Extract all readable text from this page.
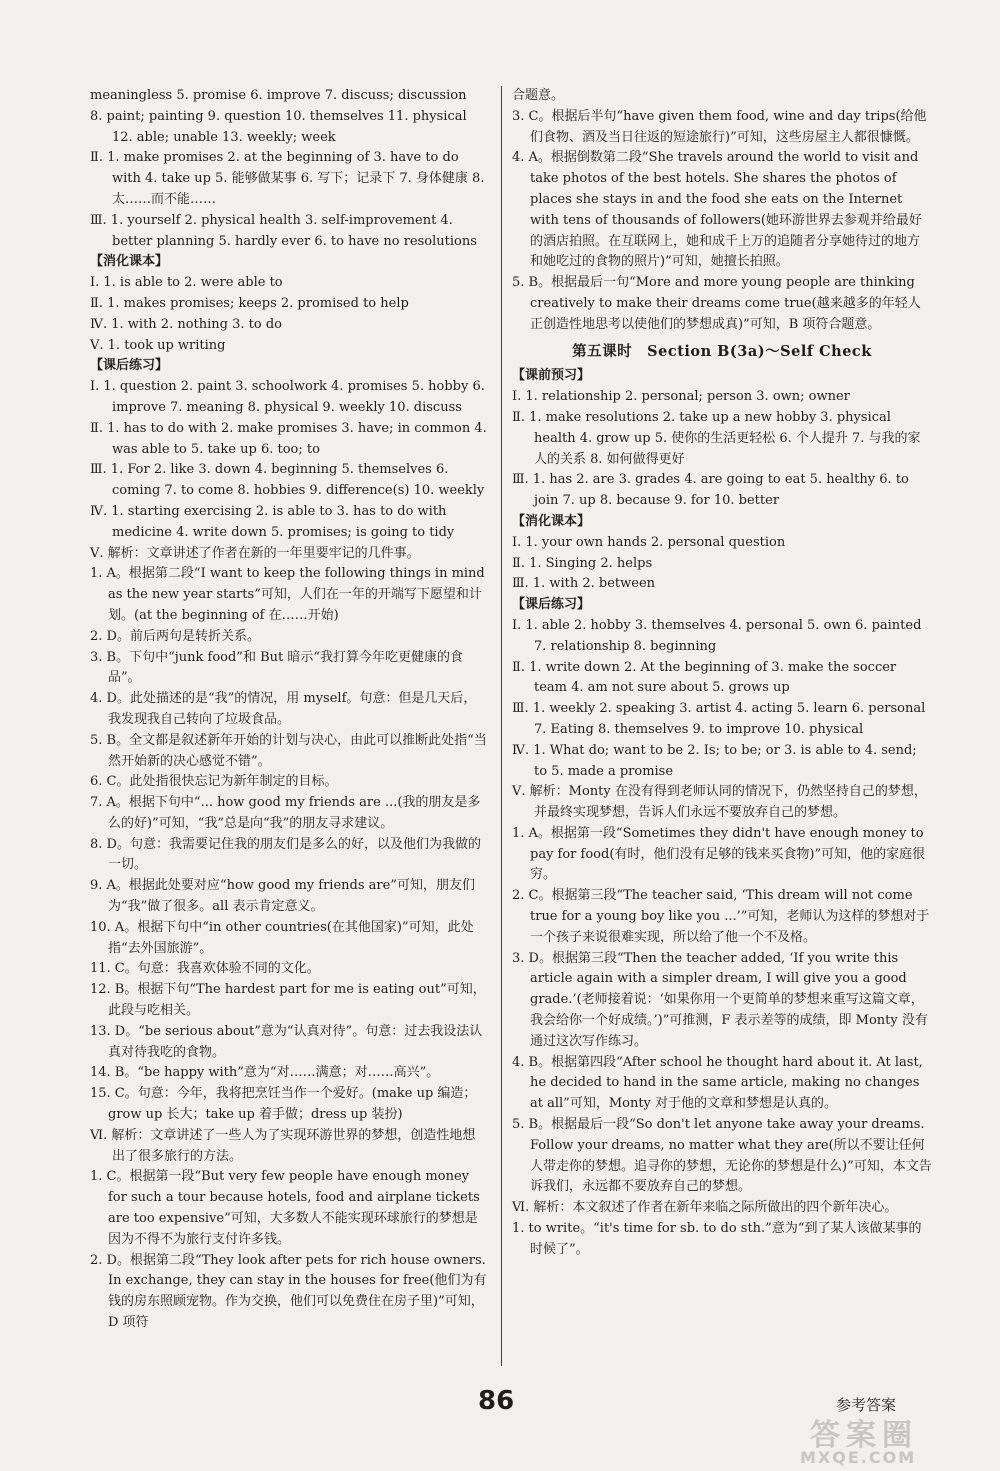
meaningless 5. promise 6. improve 7. discuss; discussion
8. paint; painting 9. question 10. themselves 11. physical 12. able; unable 13. weekly; week
Ⅱ. 1. make promises 2. at the beginning of 3. have to do with 4. take up 5. 能够做某事 6. 写下；记录下 7. 身体健康 8. 太……而不能……
Ⅲ. 1. yourself 2. physical health 3. self-improvement 4. better planning 5. hardly ever 6. to have no resolutions
【消化课本】
Ⅰ. 1. is able to 2. were able to
Ⅱ. 1. makes promises; keeps 2. promised to help
Ⅳ. 1. with 2. nothing 3. to do
Ⅴ. 1. took up writing
【课后练习】
Ⅰ. 1. question 2. paint 3. schoolwork 4. promises 5. hobby 6. improve 7. meaning 8. physical 9. weekly 10. discuss
Ⅱ. 1. has to do with 2. make promises 3. have; in common 4. was able to 5. take up 6. too; to
Ⅲ. 1. For 2. like 3. down 4. beginning 5. themselves 6. coming 7. to come 8. hobbies 9. difference(s) 10. weekly
Ⅳ. 1. starting exercising 2. is able to 3. has to do with medicine 4. write down 5. promises; is going to tidy
Ⅴ. 解析：文章讲述了作者在新的一年里要牢记的几件事。
1. A。根据第二段“I want to keep the following things in mind as the new year starts”可知，人们在一年的开端写下愿望和计划。(at the beginning of 在……开始)
2. D。前后两句是转折关系。
3. B。下句中“junk food”和 But 暗示“我打算今年吃更健康的食品”。
4. D。此处描述的是“我”的情况，用 myself。句意：但是几天后，我发现我自己转向了垃圾食品。
5. B。全文都是叙述新年开始的计划与决心，由此可以推断此处指“当然开始新的决心感觉不错”。
6. C。此处指很快忘记为新年制定的目标。
7. A。根据下句中“... how good my friends are ...(我的朋友是多么的好)”可知，“我”总是向“我”的朋友寻求建议。
8. D。句意：我需要记住我的朋友们是多么的好，以及他们为我做的一切。
9. A。根据此处要对应“how good my friends are”可知，朋友们为“我”做了很多。all 表示肯定意义。
10. A。根据下句中“in other countries(在其他国家)”可知，此处指“去外国旅游”。
11. C。句意：我喜欢体验不同的文化。
12. B。根据下句“The hardest part for me is eating out”可知，此段与吃相关。
13. D。“be serious about”意为“认真对待”。句意：过去我设法认真对待我吃的食物。
14. B。“be happy with”意为“对……满意；对……高兴”。
15. C。句意：今年，我将把烹饪当作一个爱好。(make up 编造；grow up 长大；take up 着手做；dress up 装扮)
Ⅵ. 解析：文章讲述了一些人为了实现环游世界的梦想，创造性地想出了很多旅行的方法。
1. C。根据第一段“But very few people have enough money for such a tour because hotels, food and airplane tickets are too expensive”可知，大多数人不能实现环球旅行的梦想是因为不得不为旅行支付许多钱。
2. D。根据第二段“They look after pets for rich house owners. In exchange, they can stay in the houses for free(他们为有钱的房东照顾宠物。作为交换，他们可以免费住在房子里)”可知，D 项符
合题意。
3. C。根据后半句“have given them food, wine and day trips(给他们食物、酒及当日往返的短途旅行)”可知，这些房屋主人都很慷慨。
4. A。根据倒数第二段“She travels around the world to visit and take photos of the best hotels. She shares the photos of places she stays in and the food she eats on the Internet with tens of thousands of followers(她环游世界去参观并给最好的酒店拍照。在互联网上，她和成千上万的追随者分享她待过的地方和她吃过的食物的照片)”可知，她擅长拍照。
5. B。根据最后一句“More and more young people are thinking creatively to make their dreams come true(越来越多的年轻人正创造性地思考以使他们的梦想成真)”可知，B 项符合题意。
第五课时　Section B(3a)～Self Check
【课前预习】
Ⅰ. 1. relationship 2. personal; person 3. own; owner
Ⅱ. 1. make resolutions 2. take up a new hobby 3. physical health 4. grow up 5. 使你的生活更轻松 6. 个人提升 7. 与我的家人的关系 8. 如何做得更好
Ⅲ. 1. has 2. are 3. grades 4. are going to eat 5. healthy 6. to join 7. up 8. because 9. for 10. better
【消化课本】
Ⅰ. 1. your own hands 2. personal question
Ⅱ. 1. Singing 2. helps
Ⅲ. 1. with 2. between
【课后练习】
Ⅰ. 1. able 2. hobby 3. themselves 4. personal 5. own 6. painted 7. relationship 8. beginning
Ⅱ. 1. write down 2. At the beginning of 3. make the soccer team 4. am not sure about 5. grows up
Ⅲ. 1. weekly 2. speaking 3. artist 4. acting 5. learn 6. personal 7. Eating 8. themselves 9. to improve 10. physical
Ⅳ. 1. What do; want to be 2. Is; to be; or 3. is able to 4. send; to 5. made a promise
Ⅴ. 解析：Monty 在没有得到老师认同的情况下，仍然坚持自己的梦想，并最终实现梦想，告诉人们永远不要放弃自己的梦想。
1. A。根据第一段“Sometimes they didn't have enough money to pay for food(有时，他们没有足够的钱来买食物)”可知，他的家庭很穷。
2. C。根据第三段“The teacher said, ‘This dream will not come true for a young boy like you ...’”可知，老师认为这样的梦想对于一个孩子来说很难实现，所以给了他一个不及格。
3. D。根据第三段“Then the teacher added, ‘If you write this article again with a simpler dream, I will give you a good grade.’(老师接着说：‘如果你用一个更简单的梦想来重写这篇文章，我会给你一个好成绩。’)”可推测，F 表示差等的成绩，即 Monty 没有通过这次写作练习。
4. B。根据第四段“After school he thought hard about it. At last, he decided to hand in the same article, making no changes at all”可知，Monty 对于他的文章和梦想是认真的。
5. B。根据最后一段“So don't let anyone take away your dreams. Follow your dreams, no matter what they are(所以不要让任何人带走你的梦想。追寻你的梦想，无论你的梦想是什么)”可知，本文告诉我们，永远都不要放弃自己的梦想。
Ⅵ. 解析：本文叙述了作者在新年来临之际所做出的四个新年决心。
1. to write。“it's time for sb. to do sth.”意为“到了某人该做某事的时候了”。
86	参考答案
答案圈
MXQE.COM
